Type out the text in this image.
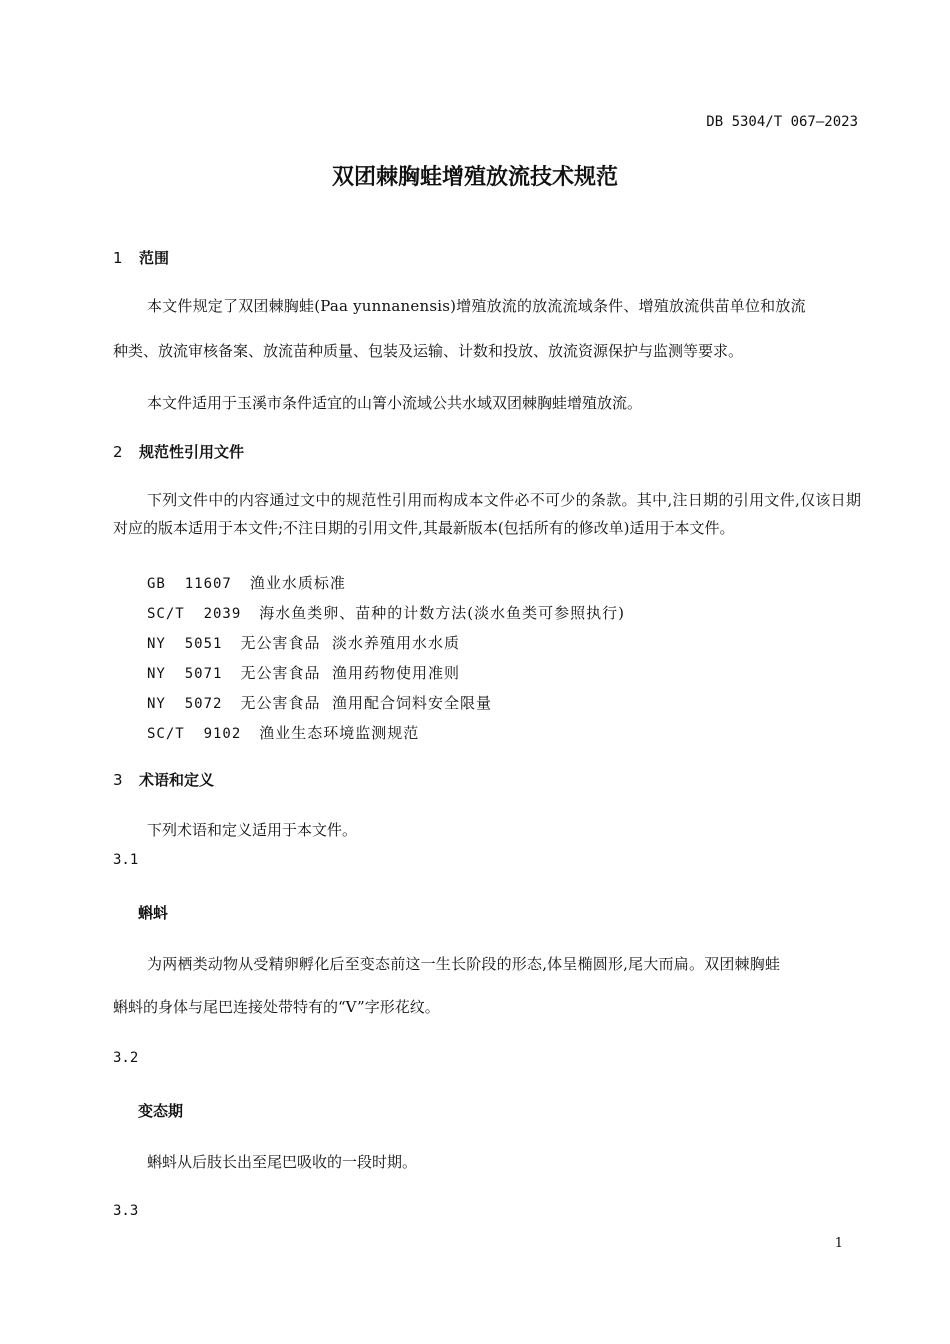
DB 5304/T 067—2023
双团棘胸蛙增殖放流技术规范
1 范围
本文件规定了双团棘胸蛙(Paa yunnanensis)增殖放流的放流流域条件、增殖放流供苗单位和放流
种类、放流审核备案、放流苗种质量、包装及运输、计数和投放、放流资源保护与监测等要求。
本文件适用于玉溪市条件适宜的山箐小流域公共水域双团棘胸蛙增殖放流。
2 规范性引用文件
下列文件中的内容通过文中的规范性引用而构成本文件必不可少的条款。其中,注日期的引用文件,仅该日期对应的版本适用于本文件;不注日期的引用文件,其最新版本(包括所有的修改单)适用于本文件。
GB  11607 渔业水质标准
SC/T  2039 海水鱼类卵、苗种的计数方法(淡水鱼类可参照执行)
NY  5051 无公害食品  淡水养殖用水水质
NY  5071 无公害食品  渔用药物使用准则
NY  5072 无公害食品  渔用配合饲料安全限量
SC/T  9102 渔业生态环境监测规范
3 术语和定义
下列术语和定义适用于本文件。
3.1
蝌蚪
为两栖类动物从受精卵孵化后至变态前这一生长阶段的形态,体呈椭圆形,尾大而扁。双团棘胸蛙
蝌蚪的身体与尾巴连接处带特有的“V”字形花纹。
3.2
变态期
蝌蚪从后肢长出至尾巴吸收的一段时期。
3.3
1
